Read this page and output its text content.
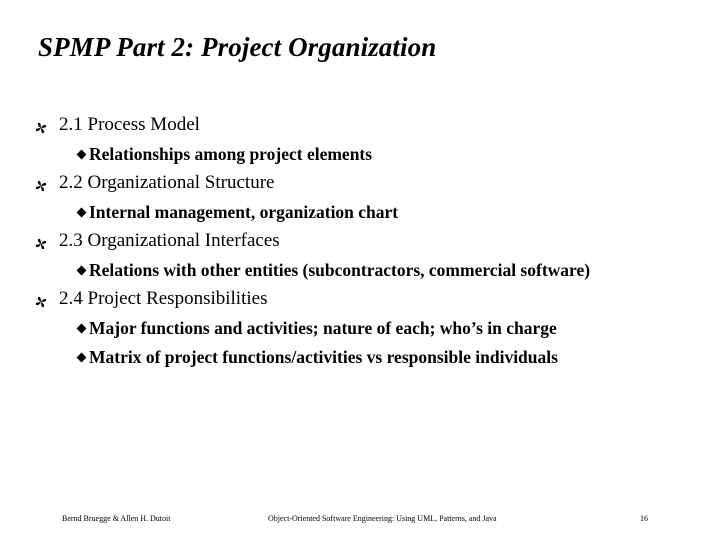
SPMP Part 2: Project Organization
2.1 Process Model
Relationships among project elements
2.2 Organizational Structure
Internal management, organization chart
2.3 Organizational Interfaces
Relations with other entities (subcontractors, commercial software)
2.4 Project Responsibilities
Major functions and activities; nature of each; who’s in charge
Matrix of project functions/activities vs responsible individuals
Bernd Bruegge & Allen H. Dutoit	Object-Oriented Software Engineering: Using UML, Patterns, and Java	16
